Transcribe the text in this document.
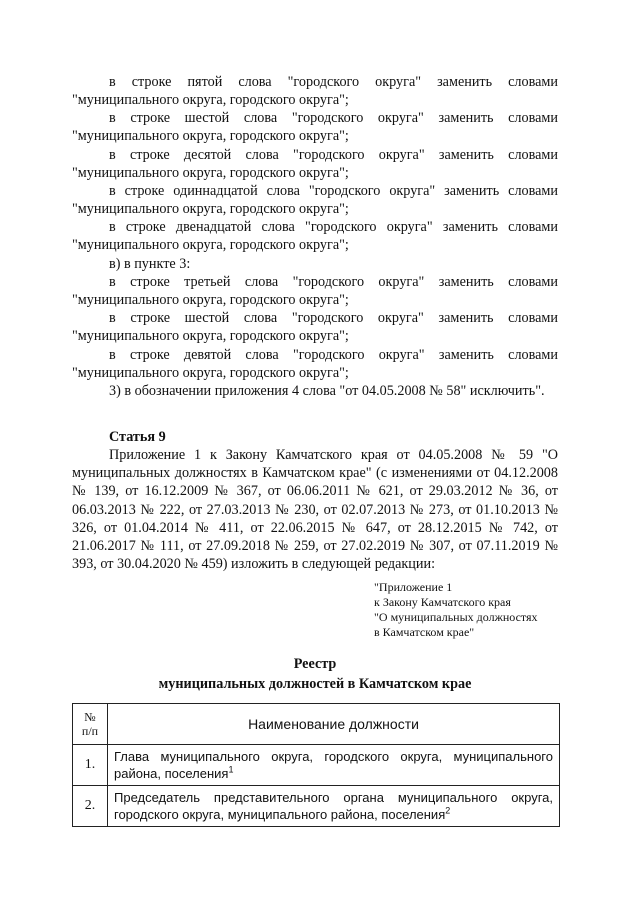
в строке пятой слова "городского округа" заменить словами "муниципального округа, городского округа";

в строке шестой слова "городского округа" заменить словами "муниципального округа, городского округа";

в строке десятой слова "городского округа" заменить словами "муниципального округа, городского округа";

в строке одиннадцатой слова "городского округа" заменить словами "муниципального округа, городского округа";

в строке двенадцатой слова "городского округа" заменить словами "муниципального округа, городского округа";

в) в пункте 3:

в строке третьей слова "городского округа" заменить словами "муниципального округа, городского округа";

в строке шестой слова "городского округа" заменить словами "муниципального округа, городского округа";

в строке девятой слова "городского округа" заменить словами "муниципального округа, городского округа";

3) в обозначении приложения 4 слова "от 04.05.2008 № 58" исключить".

Статья 9

Приложение 1 к Закону Камчатского края от 04.05.2008 № 59 "О муниципальных должностях в Камчатском крае" (с изменениями от 04.12.2008 № 139, от 16.12.2009 № 367, от 06.06.2011 № 621, от 29.03.2012 № 36, от 06.03.2013 № 222, от 27.03.2013 № 230, от 02.07.2013 № 273, от 01.10.2013 № 326, от 01.04.2014 № 411, от 22.06.2015 № 647, от 28.12.2015 № 742, от 21.06.2017 № 111, от 27.09.2018 № 259, от 27.02.2019 № 307, от 07.11.2019 № 393, от 30.04.2020 № 459) изложить в следующей редакции:

"Приложение 1
к Закону Камчатского края
"О муниципальных должностях
в Камчатском крае"
Реестр
муниципальных должностей в Камчатском крае
№
п/п	Наименование должности
1.	Глава муниципального округа, городского округа, муниципального района, поселения$^1$
2.	Председатель представительного органа муниципального округа, городского округа, муниципального района, поселения$^2$
